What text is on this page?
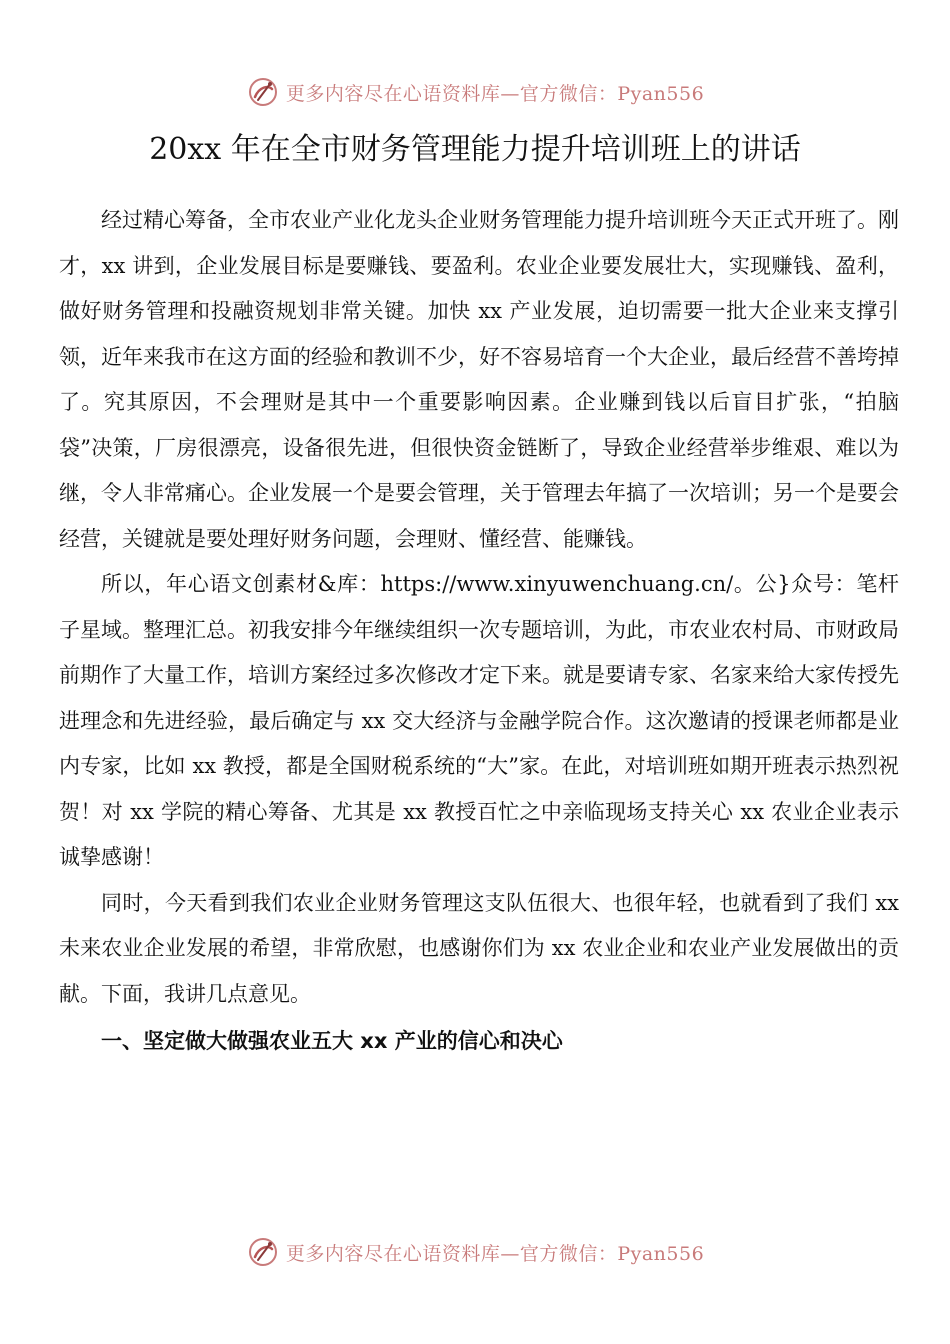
更多内容尽在心语资料库—官方微信：Pyan556
20xx 年在全市财务管理能力提升培训班上的讲话

经过精心筹备，全市农业产业化龙头企业财务管理能力提升培训班今天正式开班了。刚才，xx 讲到，企业发展目标是要赚钱、要盈利。农业企业要发展壮大，实现赚钱、盈利，做好财务管理和投融资规划非常关键。加快 xx 产业发展，迫切需要一批大企业来支撑引领，近年来我市在这方面的经验和教训不少，好不容易培育一个大企业，最后经营不善垮掉了。究其原因，不会理财是其中一个重要影响因素。企业赚到钱以后盲目扩张，“拍脑袋”决策，厂房很漂亮，设备很先进，但很快资金链断了，导致企业经营举步维艰、难以为继，令人非常痛心。企业发展一个是要会管理，关于管理去年搞了一次培训；另一个是要会经营，关键就是要处理好财务问题，会理财、懂经营、能赚钱。

所以，年心语文创素材&库：https://www.xinyuwenchuang.cn/。公}众号：笔杆子星域。整理汇总。初我安排今年继续组织一次专题培训，为此，市农业农村局、市财政局前期作了大量工作，培训方案经过多次修改才定下来。就是要请专家、名家来给大家传授先进理念和先进经验，最后确定与 xx 交大经济与金融学院合作。这次邀请的授课老师都是业内专家，比如 xx 教授，都是全国财税系统的“大”家。在此，对培训班如期开班表示热烈祝贺！对 xx 学院的精心筹备、尤其是 xx 教授百忙之中亲临现场支持关心 xx 农业企业表示诚挚感谢！

同时，今天看到我们农业企业财务管理这支队伍很大、也很年轻，也就看到了我们 xx 未来农业企业发展的希望，非常欣慰，也感谢你们为 xx 农业企业和农业产业发展做出的贡献。下面，我讲几点意见。

一、坚定做大做强农业五大 xx 产业的信心和决心

更多内容尽在心语资料库—官方微信：Pyan556
